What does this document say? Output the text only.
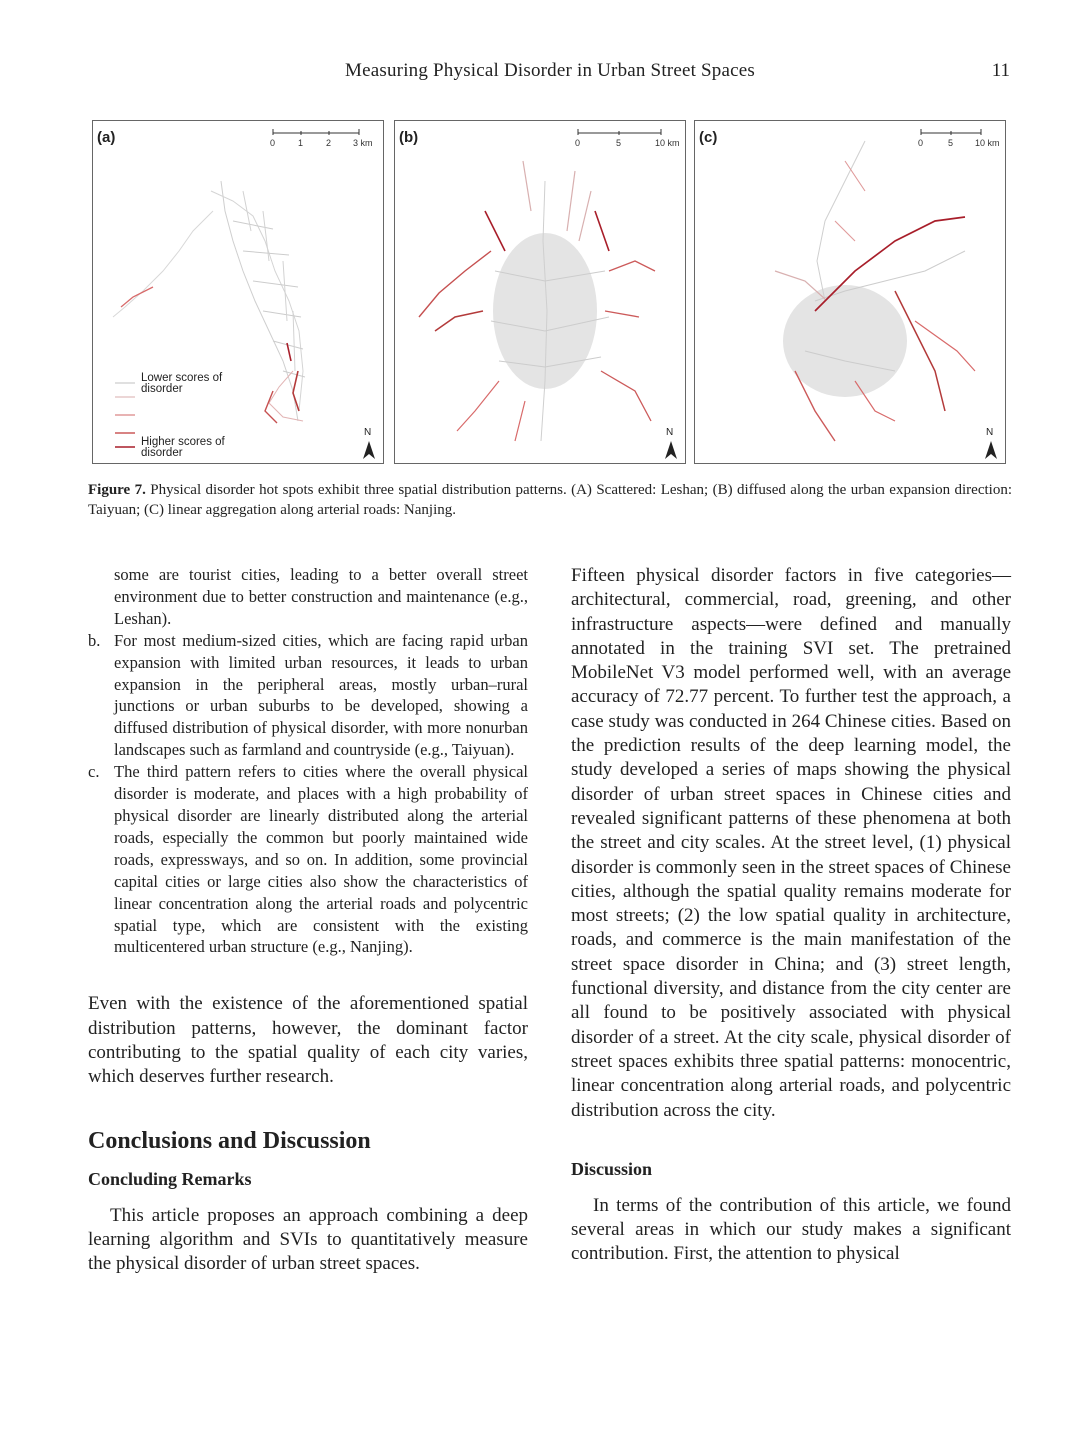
Measuring Physical Disorder in Urban Street Spaces	11
0	1	2 3 km
N
(a)
Lower scores of disorder
Higher scores of disorder
0	5	10 km
N
(b)	0	5 10 km
N
(c)
Figure 7. Physical disorder hot spots exhibit three spatial distribution patterns. (A) Scattered: Leshan; (B) diffused along the urban expansion direction: Taiyuan; (C) linear aggregation along arterial roads: Nanjing.
some are tourist cities, leading to a better overall street environment due to better construction and maintenance (e.g., Leshan).
b. For most medium-sized cities, which are facing rapid urban expansion with limited urban resources, it leads to urban expansion in the peripheral areas, mostly urban–rural junctions or urban suburbs to be developed, showing a diffused distribution of physical disorder, with more nonurban landscapes such as farmland and countryside (e.g., Taiyuan).
c. The third pattern refers to cities where the overall physical disorder is moderate, and places with a high probability of physical disorder are linearly distributed along the arterial roads, especially the common but poorly maintained wide roads, expressways, and so on. In addition, some provincial capital cities or large cities also show the characteristics of linear concentration along the arterial roads and polycentric spatial type, which are consistent with the existing multicentered urban structure (e.g., Nanjing).

Even with the existence of the aforementioned spatial distribution patterns, however, the dominant factor contributing to the spatial quality of each city varies, which deserves further research.

Conclusions and Discussion
Concluding Remarks

This article proposes an approach combining a deep learning algorithm and SVIs to quantitatively measure the physical disorder of urban street spaces.

Fifteen physical disorder factors in five categories—architectural, commercial, road, greening, and other infrastructure aspects—were defined and manually annotated in the training SVI set. The pretrained MobileNet V3 model performed well, with an average accuracy of 72.77 percent. To further test the approach, a case study was conducted in 264 Chinese cities. Based on the prediction results of the deep learning model, the study developed a series of maps showing the physical disorder of urban street spaces in Chinese cities and revealed significant patterns of these phenomena at both the street and city scales. At the street level, (1) physical disorder is commonly seen in the street spaces of Chinese cities, although the spatial quality remains moderate for most streets; (2) the low spatial quality in architecture, roads, and commerce is the main manifestation of the street space disorder in China; and (3) street length, functional diversity, and distance from the city center are all found to be positively associated with physical disorder of a street. At the city scale, physical disorder of street spaces exhibits three spatial patterns: monocentric, linear concentration along arterial roads, and polycentric distribution across the city.

Discussion

In terms of the contribution of this article, we found several areas in which our study makes a significant contribution. First, the attention to physical
